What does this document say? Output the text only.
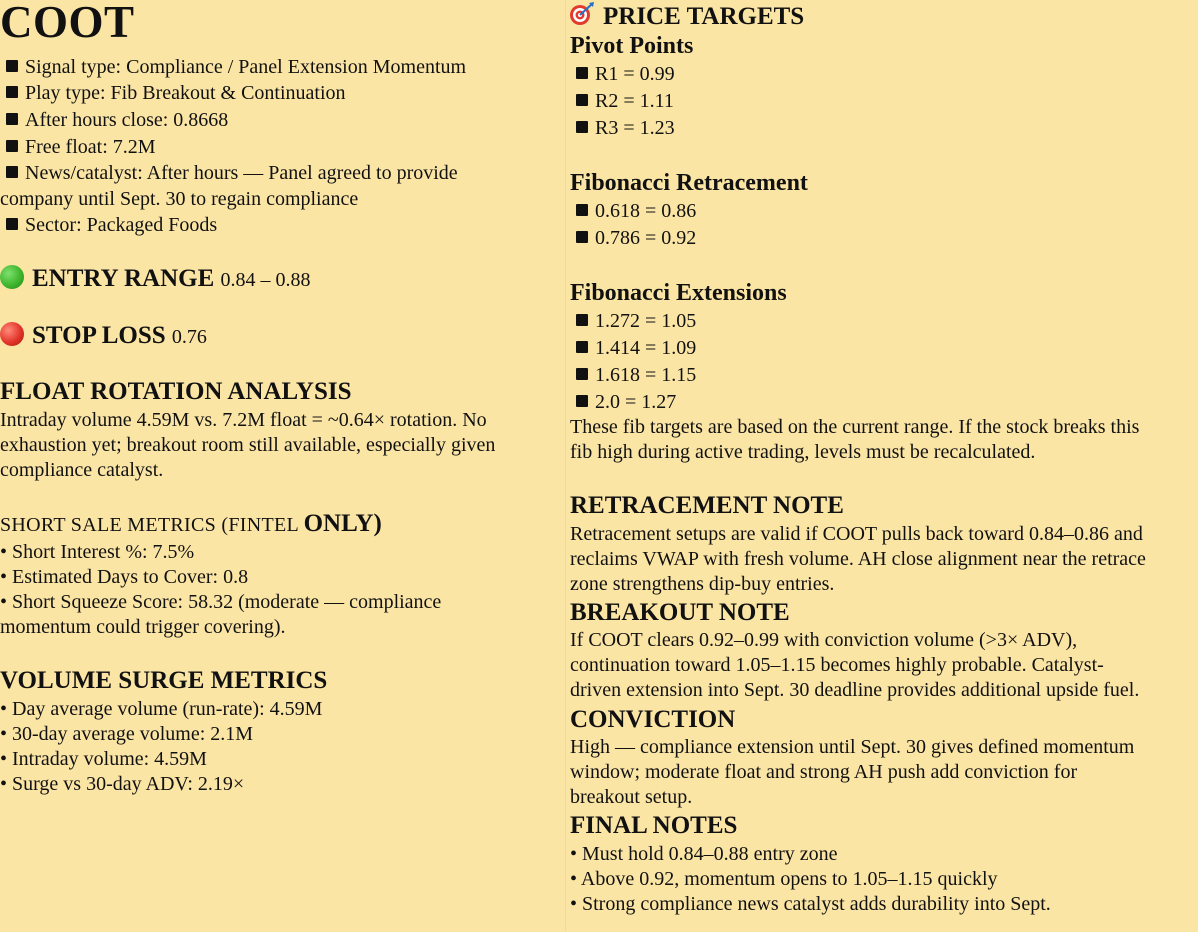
COOT
Signal type: Compliance / Panel Extension Momentum
Play type: Fib Breakout & Continuation
After hours close: 0.8668
Free float: 7.2M
News/catalyst: After hours — Panel agreed to provide
company until Sept. 30 to regain compliance
Sector: Packaged Foods
ENTRY RANGE 0.84 – 0.88
STOP LOSS 0.76
FLOAT ROTATION ANALYSIS
Intraday volume 4.59M vs. 7.2M float = ~0.64× rotation. No
exhaustion yet; breakout room still available, especially given
compliance catalyst.
SHORT SALE METRICS (FINTEL ONLY)
• Short Interest %: 7.5%
• Estimated Days to Cover: 0.8
• Short Squeeze Score: 58.32 (moderate — compliance
momentum could trigger covering).
VOLUME SURGE METRICS
• Day average volume (run-rate): 4.59M
• 30-day average volume: 2.1M
• Intraday volume: 4.59M
• Surge vs 30-day ADV: 2.19×
PRICE TARGETS
Pivot Points
R1 = 0.99
R2 = 1.11
R3 = 1.23
Fibonacci Retracement
0.618 = 0.86
0.786 = 0.92
Fibonacci Extensions
1.272 = 1.05
1.414 = 1.09
1.618 = 1.15
2.0 = 1.27
These fib targets are based on the current range. If the stock breaks this
fib high during active trading, levels must be recalculated.
RETRACEMENT NOTE
Retracement setups are valid if COOT pulls back toward 0.84–0.86 and
reclaims VWAP with fresh volume. AH close alignment near the retrace
zone strengthens dip-buy entries.
BREAKOUT NOTE
If COOT clears 0.92–0.99 with conviction volume (>3× ADV),
continuation toward 1.05–1.15 becomes highly probable. Catalyst-
driven extension into Sept. 30 deadline provides additional upside fuel.
CONVICTION
High — compliance extension until Sept. 30 gives defined momentum
window; moderate float and strong AH push add conviction for
breakout setup.
FINAL NOTES
• Must hold 0.84–0.88 entry zone
• Above 0.92, momentum opens to 1.05–1.15 quickly
• Strong compliance news catalyst adds durability into Sept.
